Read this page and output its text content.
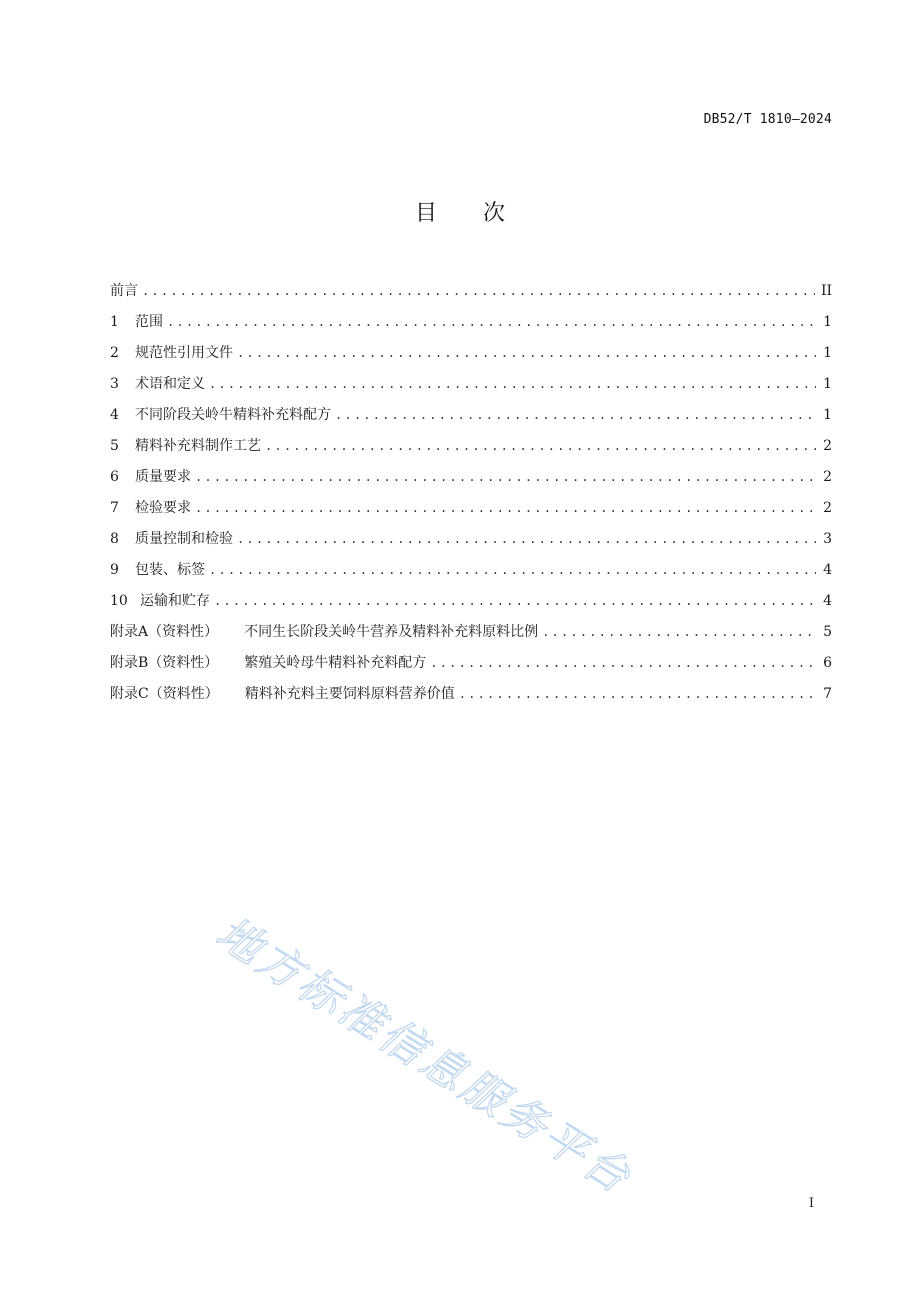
DB52/T 1810—2024
目次
前言 .....	II
1	范围 .....	1
2	规范性引用文件 .....	1
3	术语和定义 .....	1
4	不同阶段关岭牛精料补充料配方 .....	1
5	精料补充料制作工艺 .....	2
6	质量要求 .....	2
7	检验要求 .....	2
8	质量控制和检验 .....	3
9	包装、标签 .....	4
10 运输和贮存 .....	4
附录A（资料性） 不同生长阶段关岭牛营养及精料补充料原料比例 .....	5
附录B（资料性） 繁殖关岭母牛精料补充料配方 .....	6
附录C（资料性） 精料补充料主要饲料原料营养价值 .....	7
地方标准信息服务平台	I
